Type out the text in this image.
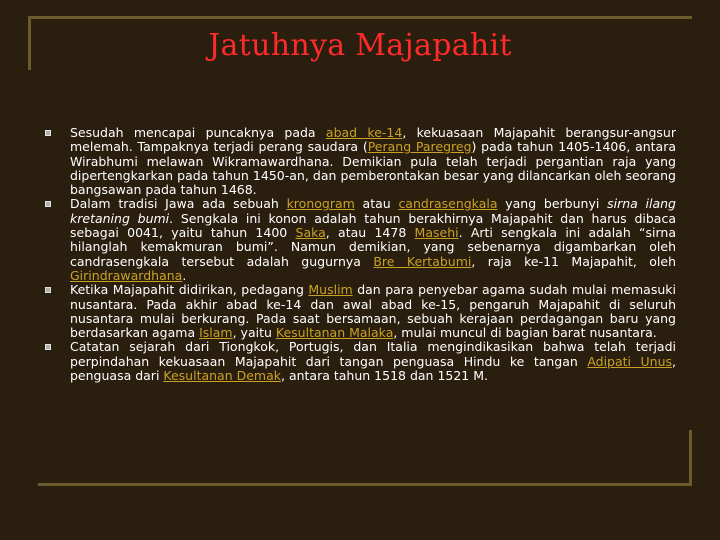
Jatuhnya Majapahit
Sesudah mencapai puncaknya pada abad ke-14, kekuasaan Majapahit berangsur-angsur melemah. Tampaknya terjadi perang saudara (Perang Paregreg) pada tahun 1405-1406, antara Wirabhumi melawan Wikramawardhana. Demikian pula telah terjadi pergantian raja yang dipertengkarkan pada tahun 1450-an, dan pemberontakan besar yang dilancarkan oleh seorang bangsawan pada tahun 1468.
Dalam tradisi Jawa ada sebuah kronogram atau candrasengkala yang berbunyi sirna ilang kretaning bumi. Sengkala ini konon adalah tahun berakhirnya Majapahit dan harus dibaca sebagai 0041, yaitu tahun 1400 Saka, atau 1478 Masehi. Arti sengkala ini adalah “sirna hilanglah kemakmuran bumi”. Namun demikian, yang sebenarnya digambarkan oleh candrasengkala tersebut adalah gugurnya Bre Kertabumi, raja ke-11 Majapahit, oleh Girindrawardhana.
Ketika Majapahit didirikan, pedagang Muslim dan para penyebar agama sudah mulai memasuki nusantara. Pada akhir abad ke-14 dan awal abad ke-15, pengaruh Majapahit di seluruh nusantara mulai berkurang. Pada saat bersamaan, sebuah kerajaan perdagangan baru yang berdasarkan agama Islam, yaitu Kesultanan Malaka, mulai muncul di bagian barat nusantara.
Catatan sejarah dari Tiongkok, Portugis, dan Italia mengindikasikan bahwa telah terjadi perpindahan kekuasaan Majapahit dari tangan penguasa Hindu ke tangan Adipati Unus, penguasa dari Kesultanan Demak, antara tahun 1518 dan 1521 M.
